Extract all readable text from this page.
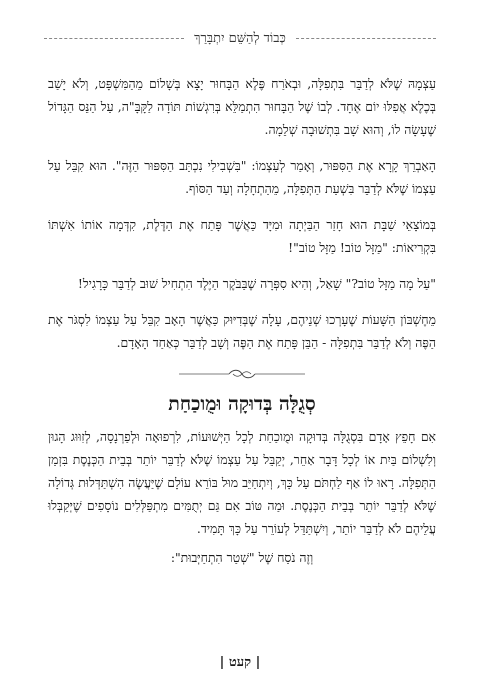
כְּבוֹד לְהַשֵּׁם יִתְבָּרַךְ

עַצְמָהּ שֶׁלֹּא לְדַבֵּר בִּתְפִלָּה, וּבְאֹרַח פֶּלֶא הַבָּחוּר יָצָא בְּשָׁלוֹם מֵהַמִּשְׁפָּט, וְלֹא יָשַׁב בְּכֶלֶא אֲפִלּוּ יוֹם אֶחָד. לְבוֹ שֶׁל הַבָּחוּר הִתְמַלֵּא בְּרִגְשׁוֹת תּוֹדָה לַקָּבָּ"ה, עַל הַנֵּס הַגָּדוֹל שֶׁעָשָׂה לוֹ, וְהוּא שָׁב בִּתְשׁוּבָה שְׁלֵמָה.

הָאַבְרֵךְ קָרָא אֶת הַסִּפּוּר, וְאָמַר לְעַצְמוֹ: "בִּשְׁבִילִי נִכְתַּב הַסִּפּוּר הַזֶּה". הוּא קִבֵּל עַל עַצְמוֹ שֶׁלֹּא לְדַבֵּר בִּשְׁעַת הַתְּפִלָּה, מֵהַתְחָלָה וְעַד הַסּוֹף.

בְּמוֹצָאֵי שַׁבָּת הוּא חָזַר הַבַּיְתָה וּמִיָּד כַּאֲשֶׁר פָּתַח אֶת הַדֶּלֶת, קִדְּמָה אוֹתוֹ אִשְׁתּוֹ בִּקְרִיאוֹת: "מַזָּל טוֹב! מַזָּל טוֹב"!

"עַל מָה מַזָּל טוֹב?" שָׁאַל, וְהִיא סִפְּרָה שֶׁבַּבֹּקֶר הַיֶּלֶד הִתְחִיל שׁוּב לְדַבֵּר כָּרָגִיל!

מֵחֶשְׁבּוֹן הַשָּׁעוֹת שֶׁעָרְכוּ שְׁנֵיהֶם, עָלָה שֶׁבְּדִיּוּק כַּאֲשֶׁר הָאָב קִבֵּל עַל עַצְמוֹ לִסְגֹּר אֶת הַפֶּה וְלֹא לְדַבֵּר בִּתְפִלָּה - הַבֵּן פָּתַח אֶת הַפֶּה וְשָׁב לְדַבֵּר כְּאַחַד הָאָדָם.

סְגֻלָּה בְּדוּקָה וּמֻוכַחַת

אִם חָפֵץ אָדָם בִּסְגֻלָּה בְּדוּקָה וּמֻוכַחַת לְכָל הַיְּשׁוּעוֹת, לִרְפוּאָה וּלְפַרְנָסָה, לְזִוּוּג הָגוּן וְלִשְׁלוֹם בַּיִת אוֹ לְכָל דָּבָר אַחֵר, יְקַבֵּל עַל עַצְמוֹ שֶׁלֹּא לְדַבֵּר יוֹתֵר בְּבֵית הַכְּנֶסֶת בִּזְמַן הַתְּפִלָּה. רָאוּ לוֹ אַף לַחְתֹּם עַל כָּךְ, וְיִתְחַיֵּב מוּל בּוֹרֵא עוֹלָם שֶׁיַּעֲשֶׂה הִשְׁתַּדְּלוּת גְּדוֹלָה שֶׁלֹּא לְדַבֵּר יוֹתֵר בְּבֵית הַכְּנֶסֶת. וּמַה טּוֹב אִם גַּם יְתֻמִּים מִתְפַּלְּלִים נוֹסָפִים שֶׁיְּקַבְּלוּ עֲלֵיהֶם לֹא לְדַבֵּר יוֹתֵר, וְיִשְׁתַּדֵּל לְעוֹרֵר עַל כָּךְ תָּמִיד.

וְזֶה נֹסַח שֶׁל "שְׁטַר הִתְחַיְּבוּת":
| קעט |
